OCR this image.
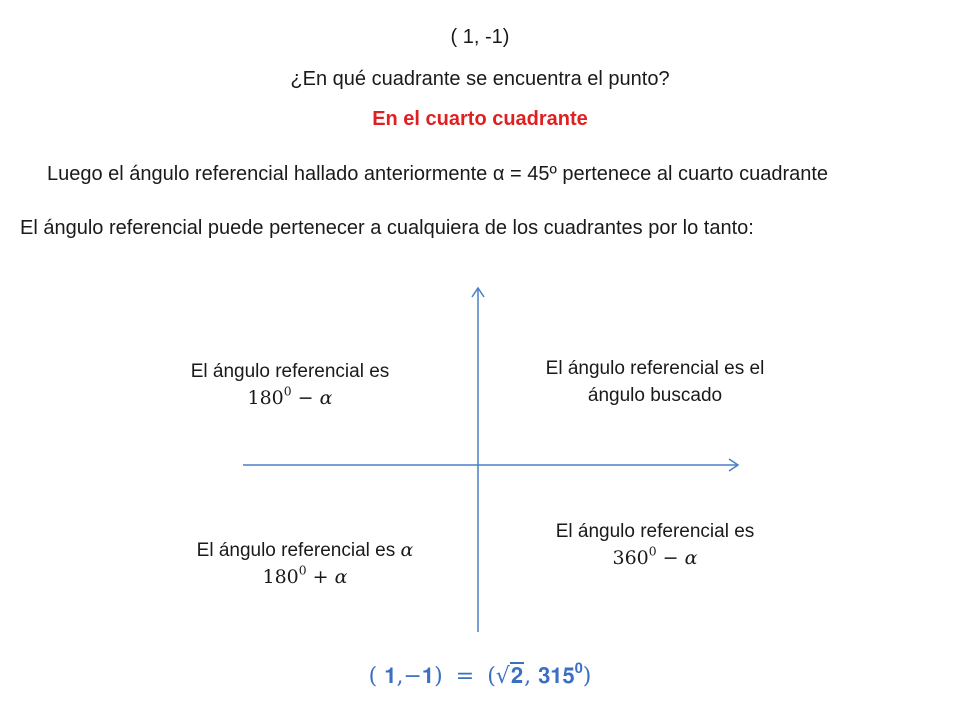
( 1, -1)
¿En qué cuadrante se encuentra el punto?
En el cuarto cuadrante
Luego el ángulo referencial hallado anteriormente α = 45º pertenece al cuarto cuadrante
El ángulo referencial puede pertenecer a cualquiera de los cuadrantes por lo tanto:
El ángulo referencial es
$180^0 - \alpha$
El ángulo referencial es el
ángulo buscado
El ángulo referencial es α
$180^0 + \alpha$
El ángulo referencial es
$360^0 - \alpha$
( 𝟏,−𝟏) = (√𝟐, $𝟑𝟏𝟓^𝟎$)
